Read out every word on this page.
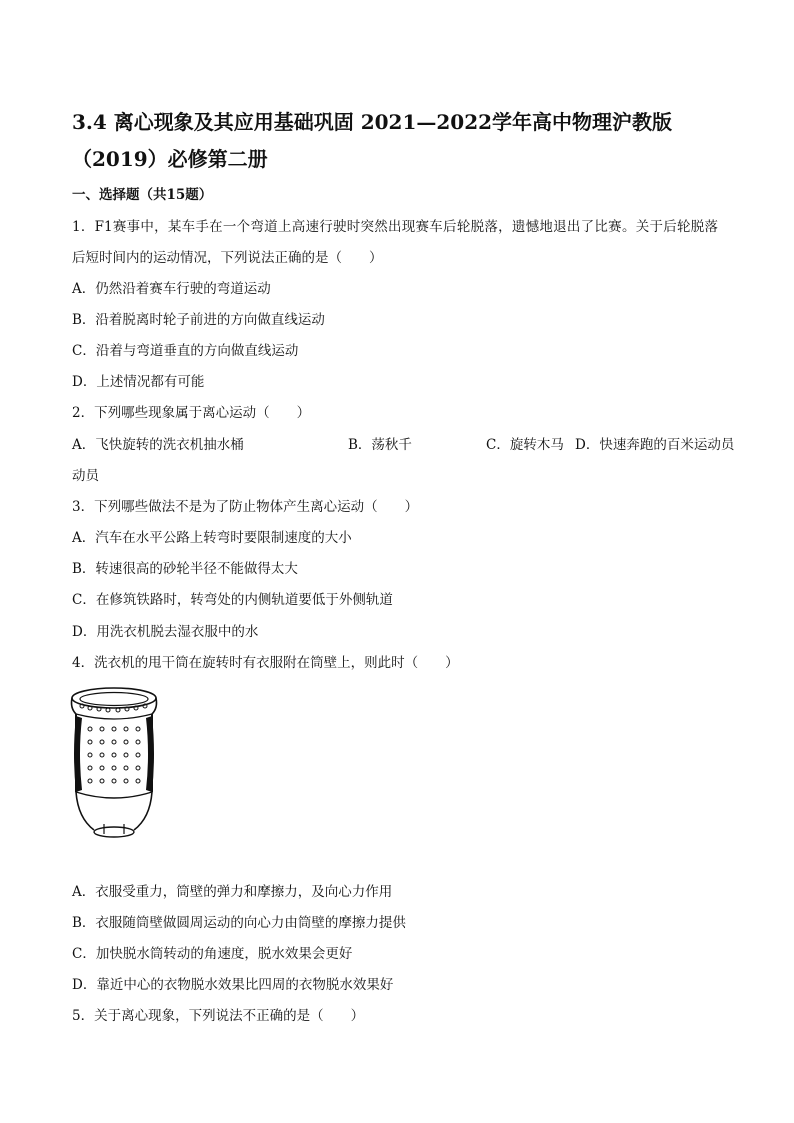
3.4 离心现象及其应用基础巩固 2021—2022学年高中物理沪教版（2019）必修第二册
一、选择题（共15题）
1．F1赛事中，某车手在一个弯道上高速行驶时突然出现赛车后轮脱落，遗憾地退出了比赛。关于后轮脱落后短时间内的运动情况，下列说法正确的是（　　）
A．仍然沿着赛车行驶的弯道运动
B．沿着脱离时轮子前进的方向做直线运动
C．沿着与弯道垂直的方向做直线运动
D．上述情况都有可能
2．下列哪些现象属于离心运动（　　）
A．飞快旋转的洗衣机抽水桶	B．荡秋千	C．旋转木马 D．快速奔跑的百米运动员
动员
3．下列哪些做法不是为了防止物体产生离心运动（　　）
A．汽车在水平公路上转弯时要限制速度的大小
B．转速很高的砂轮半径不能做得太大
C．在修筑铁路时，转弯处的内侧轨道要低于外侧轨道
D．用洗衣机脱去湿衣服中的水
4．洗衣机的甩干筒在旋转时有衣服附在筒壁上，则此时（　　）
A．衣服受重力，筒壁的弹力和摩擦力，及向心力作用
B．衣服随筒壁做圆周运动的向心力由筒壁的摩擦力提供
C．加快脱水筒转动的角速度，脱水效果会更好
D．靠近中心的衣物脱水效果比四周的衣物脱水效果好
5．关于离心现象，下列说法不正确的是（　　）
